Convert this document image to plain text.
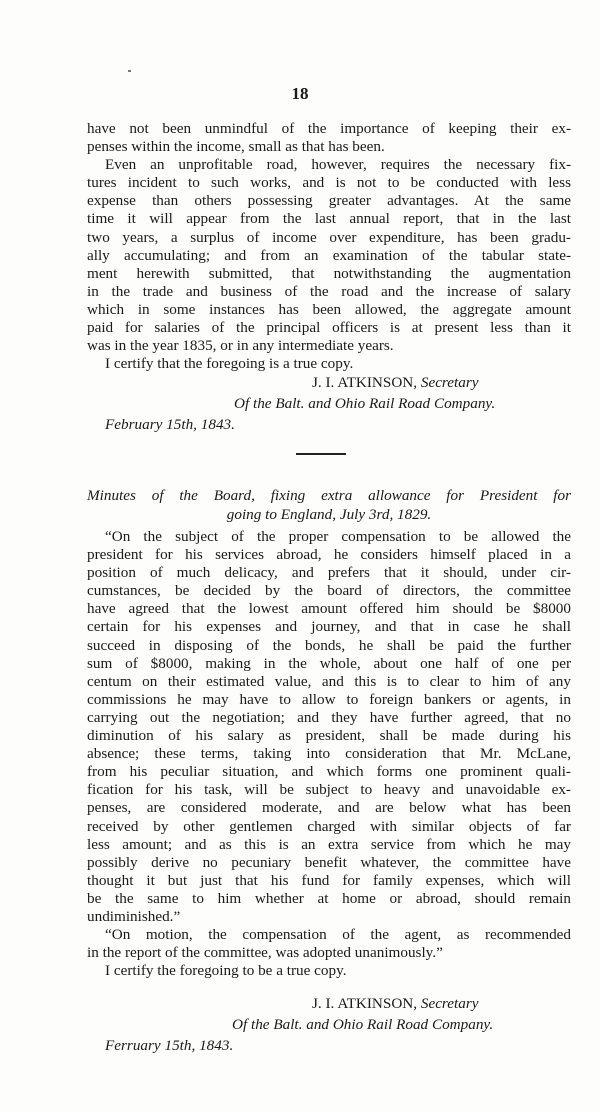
18
have not been unmindful of the importance of keeping their ex-
penses within the income, small as that has been.
Even an unprofitable road, however, requires the necessary fix-
tures incident to such works, and is not to be conducted with less
expense than others possessing greater advantages. At the same
time it will appear from the last annual report, that in the last
two years, a surplus of income over expenditure, has been gradu-
ally accumulating; and from an examination of the tabular state-
ment herewith submitted, that notwithstanding the augmentation
in the trade and business of the road and the increase of salary
which in some instances has been allowed, the aggregate amount
paid for salaries of the principal officers is at present less than it
was in the year 1835, or in any intermediate years.
I certify that the foregoing is a true copy.
J. I. ATKINSON, Secretary
Of the Balt. and Ohio Rail Road Company.
February 15th, 1843.
Minutes of the Board, fixing extra allowance for President for
going to England, July 3rd, 1829.
“On the subject of the proper compensation to be allowed the
president for his services abroad, he considers himself placed in a
position of much delicacy, and prefers that it should, under cir-
cumstances, be decided by the board of directors, the committee
have agreed that the lowest amount offered him should be $8000
certain for his expenses and journey, and that in case he shall
succeed in disposing of the bonds, he shall be paid the further
sum of $8000, making in the whole, about one half of one per
centum on their estimated value, and this is to clear to him of any
commissions he may have to allow to foreign bankers or agents, in
carrying out the negotiation; and they have further agreed, that no
diminution of his salary as president, shall be made during his
absence; these terms, taking into consideration that Mr. McLane,
from his peculiar situation, and which forms one prominent quali-
fication for his task, will be subject to heavy and unavoidable ex-
penses, are considered moderate, and are below what has been
received by other gentlemen charged with similar objects of far
less amount; and as this is an extra service from which he may
possibly derive no pecuniary benefit whatever, the committee have
thought it but just that his fund for family expenses, which will
be the same to him whether at home or abroad, should remain
undiminished.”
“On motion, the compensation of the agent, as recommended
in the report of the committee, was adopted unanimously.”
I certify the foregoing to be a true copy.
J. I. ATKINSON, Secretary
Of the Balt. and Ohio Rail Road Company.
Ferruary 15th, 1843.
